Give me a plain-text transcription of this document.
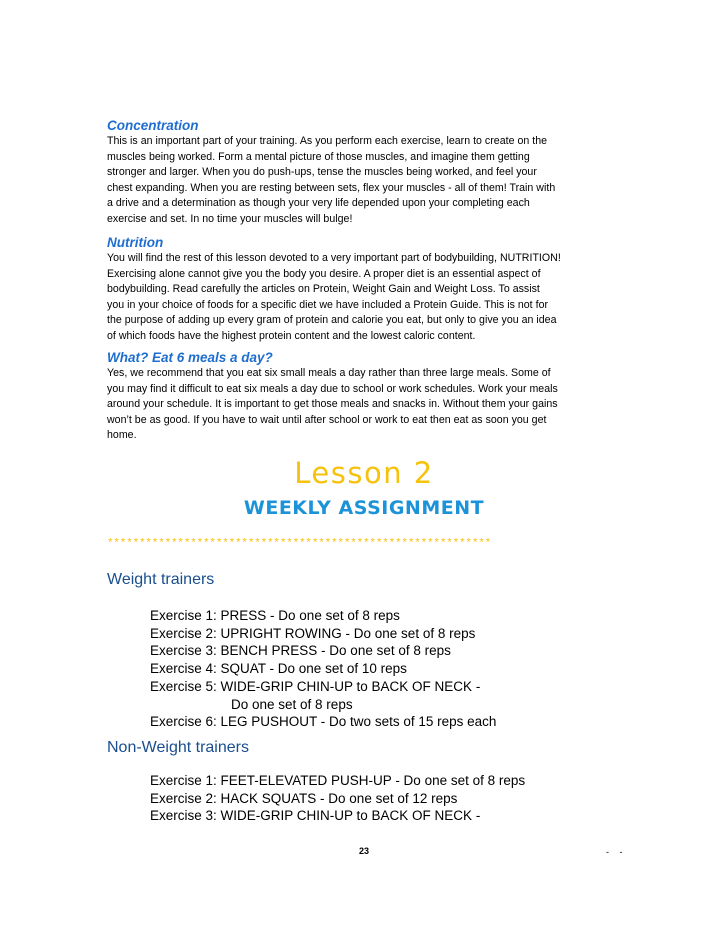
Concentration

This is an important part of your training. As you perform each exercise, learn to create on the
muscles being worked. Form a mental picture of those muscles, and imagine them getting
stronger and larger. When you do push-ups, tense the muscles being worked, and feel your
chest expanding. When you are resting between sets, flex your muscles - all of them! Train with
a drive and a determination as though your very life depended upon your completing each
exercise and set. In no time your muscles will bulge!

Nutrition

You will find the rest of this lesson devoted to a very important part of bodybuilding, NUTRITION!
Exercising alone cannot give you the body you desire. A proper diet is an essential aspect of
bodybuilding. Read carefully the articles on Protein, Weight Gain and Weight Loss. To assist
you in your choice of foods for a specific diet we have included a Protein Guide. This is not for
the purpose of adding up every gram of protein and calorie you eat, but only to give you an idea
of which foods have the highest protein content and the lowest caloric content.

What? Eat 6 meals a day?

Yes, we recommend that you eat six small meals a day rather than three large meals. Some of
you may find it difficult to eat six meals a day due to school or work schedules. Work your meals
around your schedule. It is important to get those meals and snacks in. Without them your gains
won’t be as good. If you have to wait until after school or work to eat then eat as soon you get
home.

Lesson 2

WEEKLY ASSIGNMENT

************************************************************

Weight trainers

Exercise 1: PRESS - Do one set of 8 reps
Exercise 2: UPRIGHT ROWING - Do one set of 8 reps
Exercise 3: BENCH PRESS - Do one set of 8 reps
Exercise 4: SQUAT - Do one set of 10 reps
Exercise 5: WIDE-GRIP CHIN-UP to BACK OF NECK -
Do one set of 8 reps
Exercise 6: LEG PUSHOUT - Do two sets of 15 reps each

Non-Weight trainers

Exercise 1: FEET-ELEVATED PUSH-UP - Do one set of 8 reps
Exercise 2: HACK SQUATS - Do one set of 12 reps
Exercise 3: WIDE-GRIP CHIN-UP to BACK OF NECK -
23	- -
